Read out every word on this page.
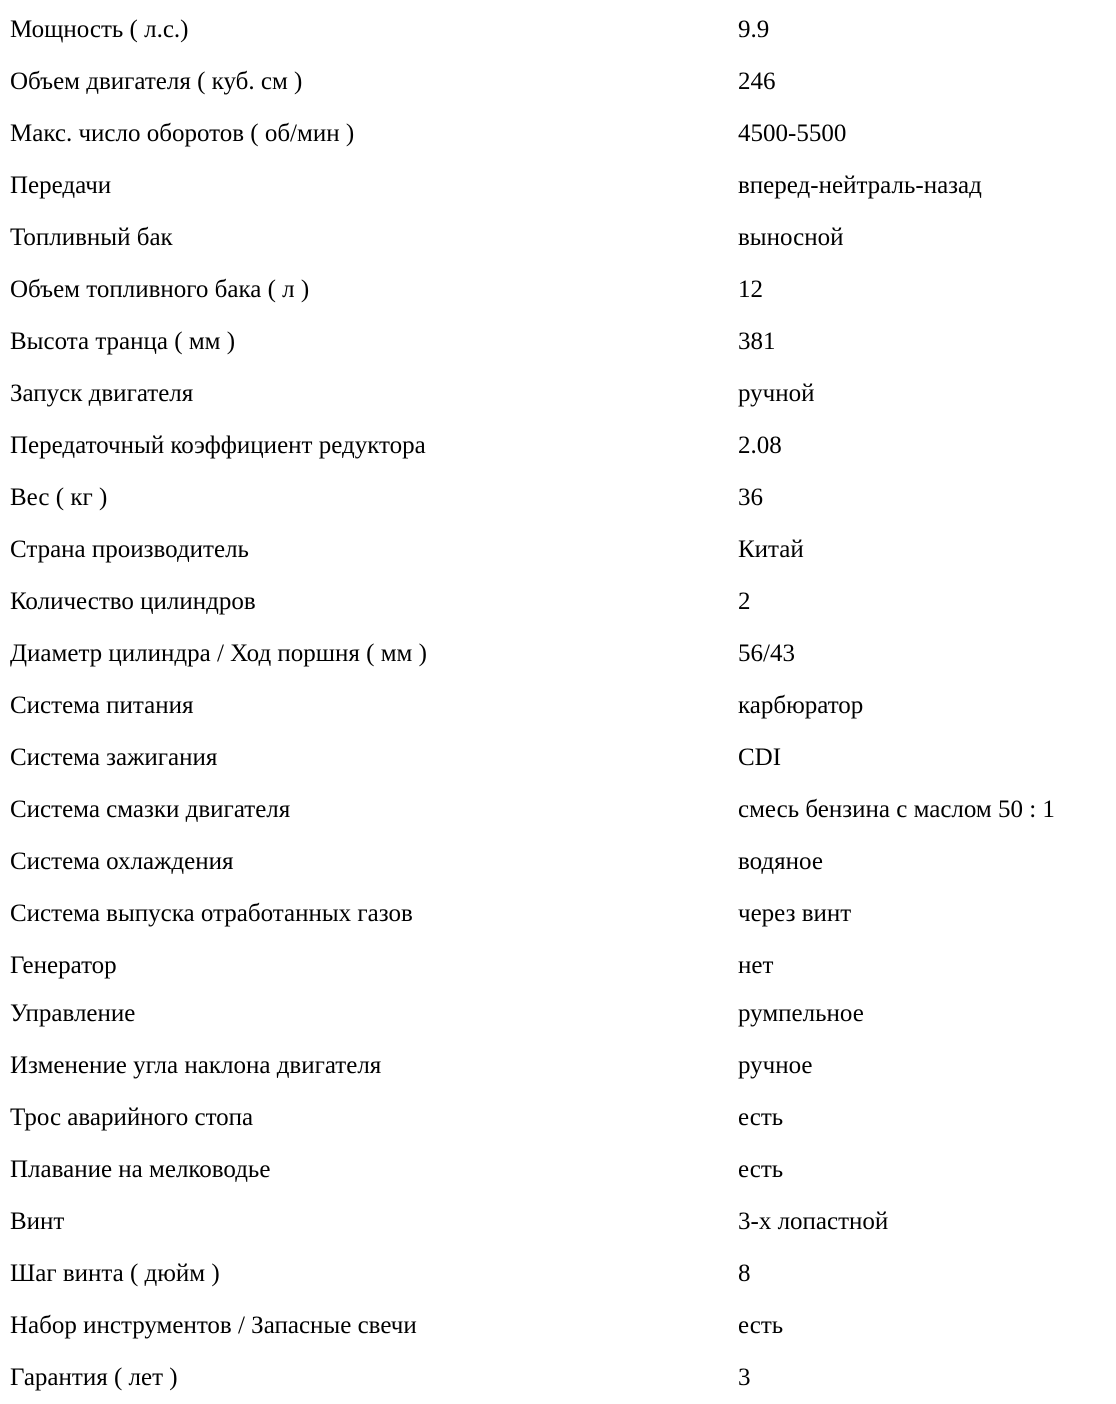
Мощность ( л.с.)	9.9
Объем двигателя ( куб. см )	246
Макс. число оборотов ( об/мин )	4500-5500
Передачи	вперед-нейтраль-назад
Топливный бак	выносной
Объем топливного бака ( л )	12
Высота транца ( мм )	381
Запуск двигателя	ручной
Передаточный коэффициент редуктора	2.08
Вес ( кг )	36
Страна производитель	Китай
Количество цилиндров	2
Диаметр цилиндра / Ход поршня ( мм )	56/43
Система питания	карбюратор
Система зажигания	CDI
Система смазки двигателя	смесь бензина с маслом 50 : 1
Система охлаждения	водяное
Система выпуска отработанных газов	через винт
Генератор	нет
Управление	румпельное
Изменение угла наклона двигателя	ручное
Трос аварийного стопа	есть
Плавание на мелководье	есть
Винт	3-х лопастной
Шаг винта ( дюйм )	8
Набор инструментов / Запасные свечи	есть
Гарантия ( лет )	3
